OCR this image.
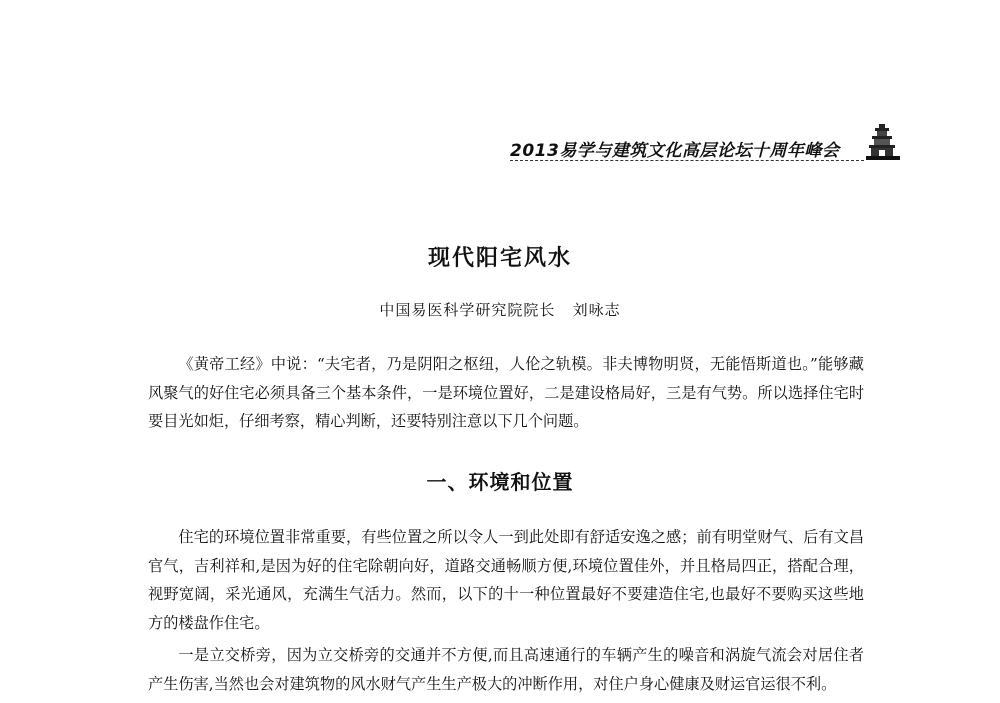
2013易学与建筑文化高层论坛十周年峰会
现代阳宅风水
中国易医科学研究院院长   刘咏志

《黄帝工经》中说：“夫宅者，乃是阴阳之枢纽，人伦之轨模。非夫博物明贤，无能悟斯道也。”能够藏风聚气的好住宅必须具备三个基本条件，一是环境位置好，二是建设格局好，三是有气势。所以选择住宅时要目光如炬，仔细考察，精心判断，还要特别注意以下几个问题。

一、环境和位置

住宅的环境位置非常重要，有些位置之所以令人一到此处即有舒适安逸之感；前有明堂财气、后有文昌官气，吉利祥和,是因为好的住宅除朝向好，道路交通畅顺方便,环境位置佳外，并且格局四正，搭配合理，视野宽阔，采光通风，充满生气活力。然而，以下的十一种位置最好不要建造住宅,也最好不要购买这些地方的楼盘作住宅。

一是立交桥旁，因为立交桥旁的交通并不方便,而且高速通行的车辆产生的噪音和涡旋气流会对居住者产生伤害,当然也会对建筑物的风水财气产生生产极大的冲断作用，对住户身心健康及财运官运很不利。
